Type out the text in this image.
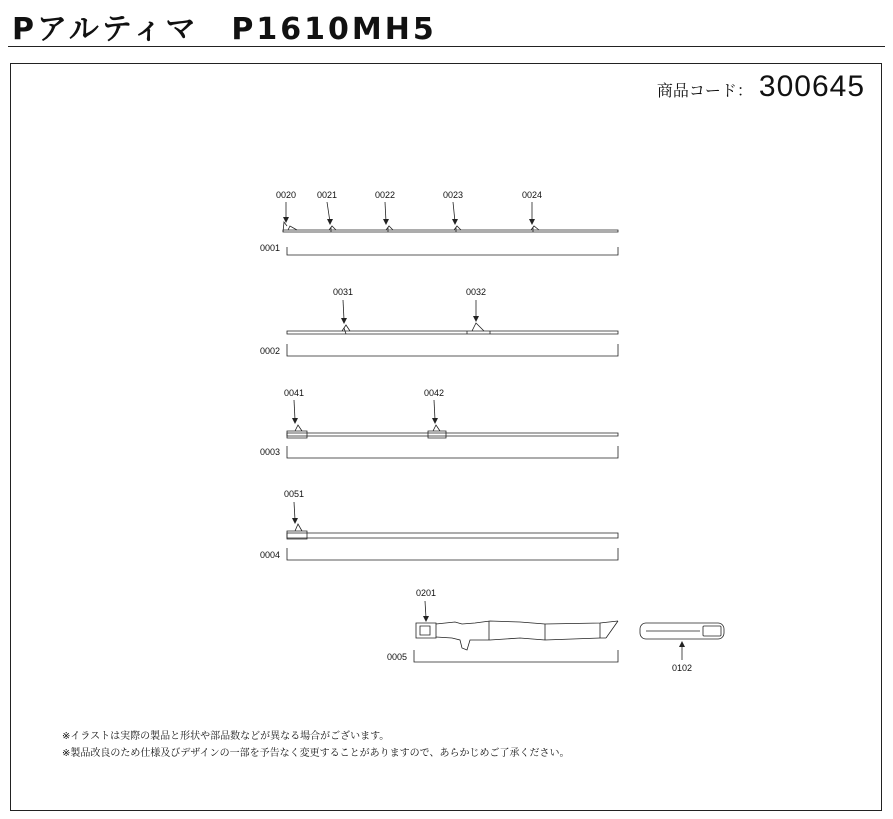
Pアルティマ　P1610MH5
商品コード： 300645
0020 0021	0022	0023	0024
0001
0031	0032
0002
0041	0042
0003
0051
0004
0201
0005
0102
※イラストは実際の製品と形状や部品数などが異なる場合がございます。
※製品改良のため仕様及びデザインの一部を予告なく変更することがありますので、あらかじめご了承ください。
